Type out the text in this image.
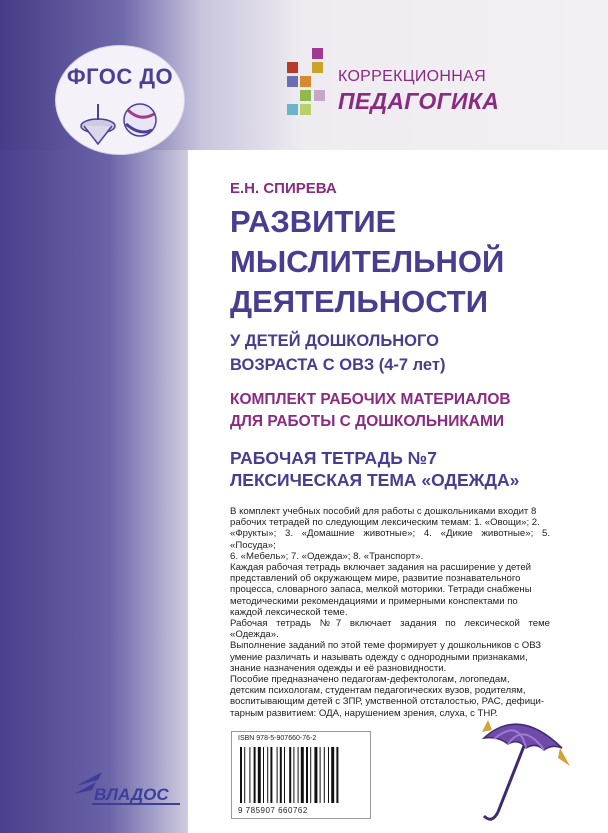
ФГОС ДО	КОРРЕКЦИОННАЯ
ПЕДАГОГИКА
Е.Н. СПИРЕВА
РАЗВИТИЕ
МЫСЛИТЕЛЬНОЙ
ДЕЯТЕЛЬНОСТИ
У ДЕТЕЙ ДОШКОЛЬНОГО
ВОЗРАСТА С ОВЗ (4-7 лет)
КОМПЛЕКТ РАБОЧИХ МАТЕРИАЛОВ
ДЛЯ РАБОТЫ С ДОШКОЛЬНИКАМИ
РАБОЧАЯ ТЕТРАДЬ №7
ЛЕКСИЧЕСКАЯ ТЕМА «ОДЕЖДА»

В комплект учебных пособий для работы с дошкольниками входит 8

рабочих тетрадей по следующим лексическим темам: 1. «Овощи»; 2.

«Фрукты»; 3. «Домашние животные»; 4. «Дикие животные»; 5. «Посуда»;

6. «Мебель»; 7. «Одежда»; 8. «Транспорт».

Каждая рабочая тетрадь включает задания на расширение у детей

представлений об окружающем мире, развитие познавательного

процесса, словарного запаса, мелкой моторики. Тетради снабжены

методическими рекомендациями и примерными конспектами по

каждой лексической теме.

Рабочая тетрадь №7 включает задания по лексической теме «Одежда».

Выполнение заданий по этой теме формирует у дошкольников с ОВЗ

умение различать и называть одежду с однородными признаками,

знание назначения одежды и её разновидности.

Пособие предназначено педагогам-дефектологам, логопедам,

детским психологам, студентам педагогических вузов, родителям,

воспитывающим детей с ЗПР, умственной отсталостью, РАС, дефици-

тарным развитием: ОДА, нарушением зрения, слуха, с ТНР.

ISBN 978-5-907660-76-2
9 785907 660762
ВЛАДОС
